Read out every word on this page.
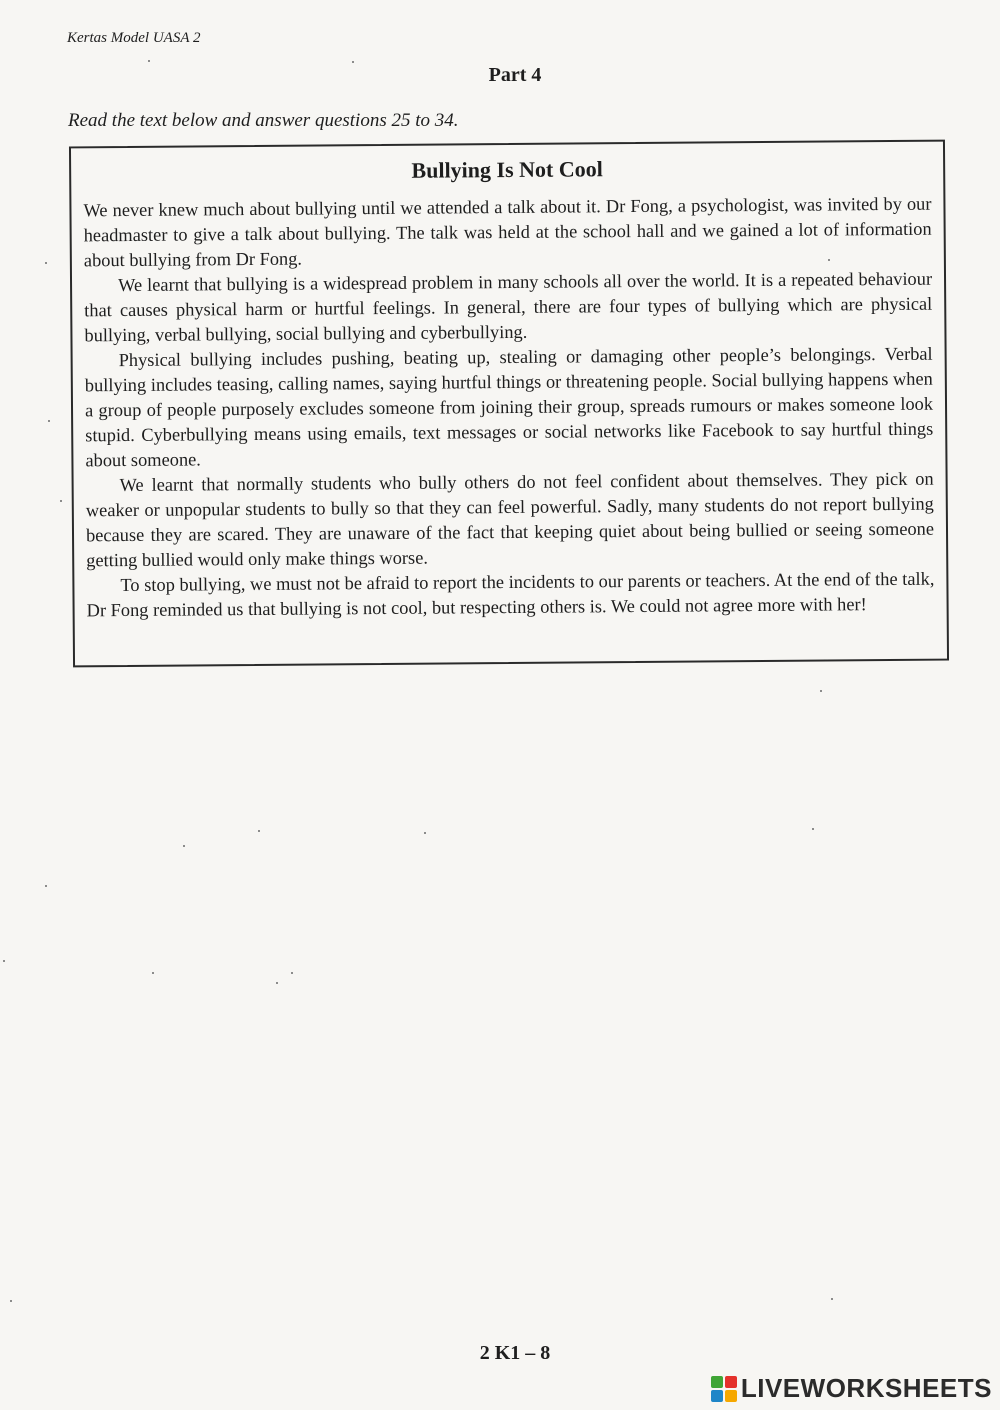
Kertas Model UASA 2
Part 4
Read the text below and answer questions 25 to 34.
Bullying Is Not Cool

We never knew much about bullying until we attended a talk about it. Dr Fong, a psychologist, was invited by our headmaster to give a talk about bullying. The talk was held at the school hall and we gained a lot of information about bullying from Dr Fong.

We learnt that bullying is a widespread problem in many schools all over the world. It is a repeated behaviour that causes physical harm or hurtful feelings. In general, there are four types of bullying which are physical bullying, verbal bullying, social bullying and cyberbullying.

Physical bullying includes pushing, beating up, stealing or damaging other people’s belongings. Verbal bullying includes teasing, calling names, saying hurtful things or threatening people. Social bullying happens when a group of people purposely excludes someone from joining their group, spreads rumours or makes someone look stupid. Cyberbullying means using emails, text messages or social networks like Facebook to say hurtful things about someone.

We learnt that normally students who bully others do not feel confident about themselves. They pick on weaker or unpopular students to bully so that they can feel powerful. Sadly, many students do not report bullying because they are scared. They are unaware of the fact that keeping quiet about being bullied or seeing someone getting bullied would only make things worse.

To stop bullying, we must not be afraid to report the incidents to our parents or teachers. At the end of the talk, Dr Fong reminded us that bullying is not cool, but respecting others is. We could not agree more with her!

2 K1 – 8
LIVEWORKSHEETS
